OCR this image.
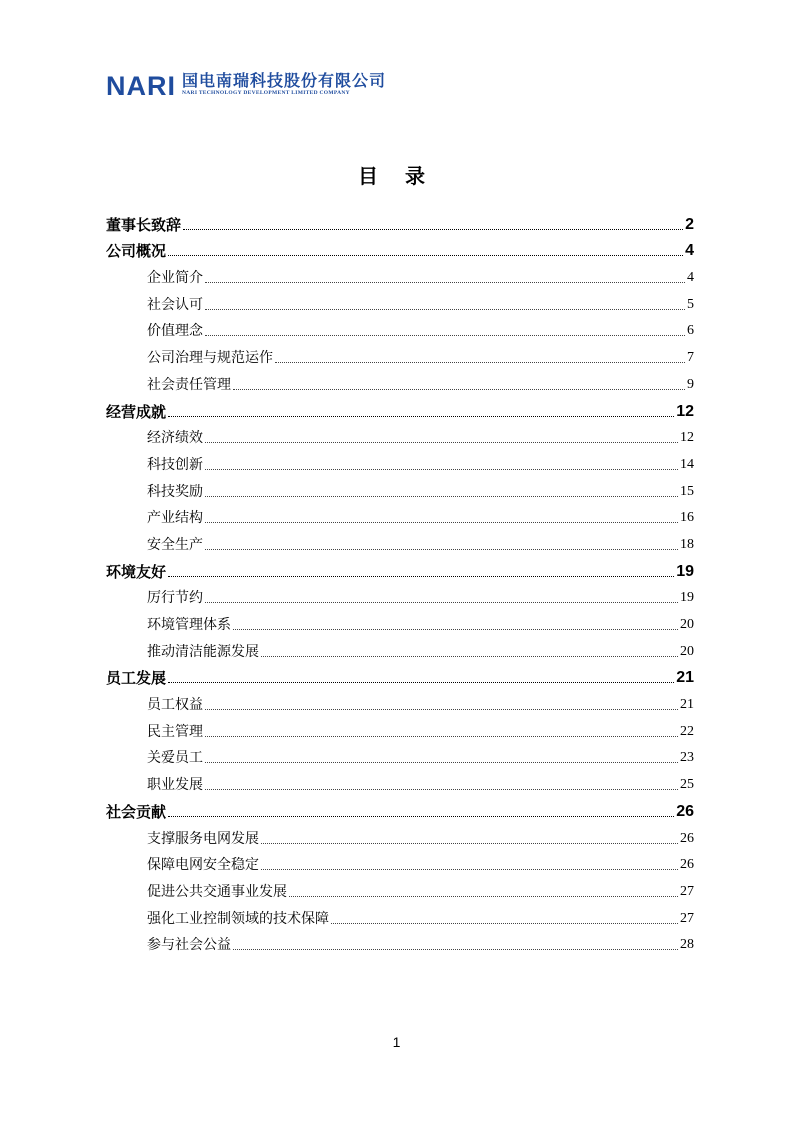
NARI 国电南瑞科技股份有限公司
NARI TECHNOLOGY DEVELOPMENT LIMITED COMPANY
目 录
董事长致辞	2
公司概况	4
企业简介	4
社会认可	5
价值理念	6
公司治理与规范运作	7
社会责任管理	9
经营成就	12
经济绩效	12
科技创新	14
科技奖励	15
产业结构	16
安全生产	18
环境友好	19
厉行节约	19
环境管理体系	20
推动清洁能源发展	20
员工发展	21
员工权益	21
民主管理	22
关爱员工	23
职业发展	25
社会贡献	26
支撑服务电网发展	26
保障电网安全稳定	26
促进公共交通事业发展	27
强化工业控制领域的技术保障	27
参与社会公益	28
1
